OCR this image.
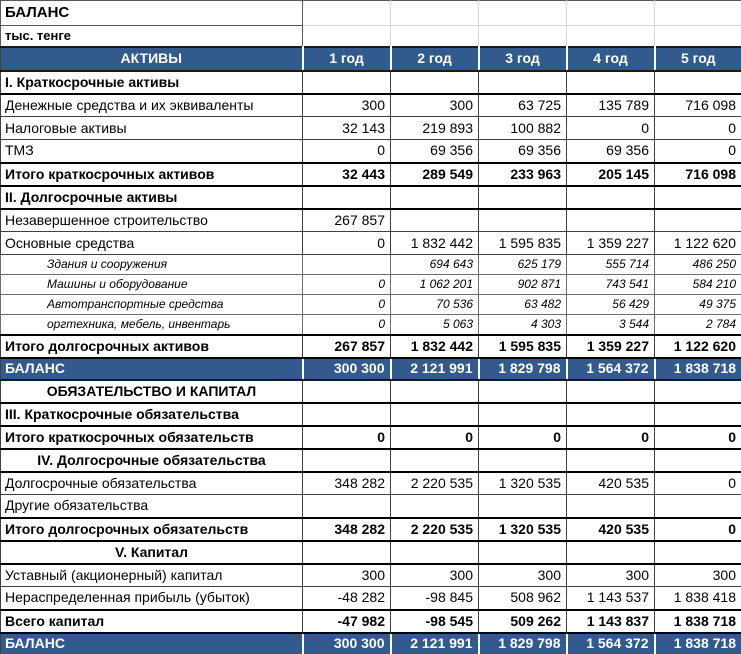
БАЛАНС					
тыс. тенге					
АКТИВЫ	1 год	2 год	3 год	4 год	5 год
I. Краткосрочные активы					
Денежные средства и их эквиваленты	300	300	63 725	135 789	716 098
Налоговые активы	32 143	219 893	100 882	0	0
ТМЗ	0	69 356	69 356	69 356	0
Итого краткосрочных активов	32 443	289 549	233 963	205 145	716 098
II. Долгосрочные активы					
Незавершенное строительство	267 857				
Основные средства	0	1 832 442	1 595 835	1 359 227	1 122 620
Здания и сооружения		694 643	625 179	555 714	486 250
Машины и оборудование	0	1 062 201	902 871	743 541	584 210
Автотранспортные средства	0	70 536	63 482	56 429	49 375
оргтехника, мебель, инвентарь	0	5 063	4 303	3 544	2 784
Итого долгосрочных активов	267 857	1 832 442	1 595 835	1 359 227	1 122 620
БАЛАНС	300 300	2 121 991	1 829 798	1 564 372	1 838 718
ОБЯЗАТЕЛЬСТВО И КАПИТАЛ					
III. Краткосрочные обязательства					
Итого краткосрочных обязательств	0	0	0	0	0
IV. Долгосрочные обязательства					
Долгосрочные обязательства	348 282	2 220 535	1 320 535	420 535	0
Другие обязательства					
Итого долгосрочных обязательств	348 282	2 220 535	1 320 535	420 535	0
V. Капитал					
Уставный (акционерный) капитал	300	300	300	300	300
Нераспределенная прибыль (убыток)	-48 282	-98 845	508 962	1 143 537	1 838 418
Всего капитал	-47 982	-98 545	509 262	1 143 837	1 838 718
БАЛАНС	300 300	2 121 991	1 829 798	1 564 372	1 838 718
